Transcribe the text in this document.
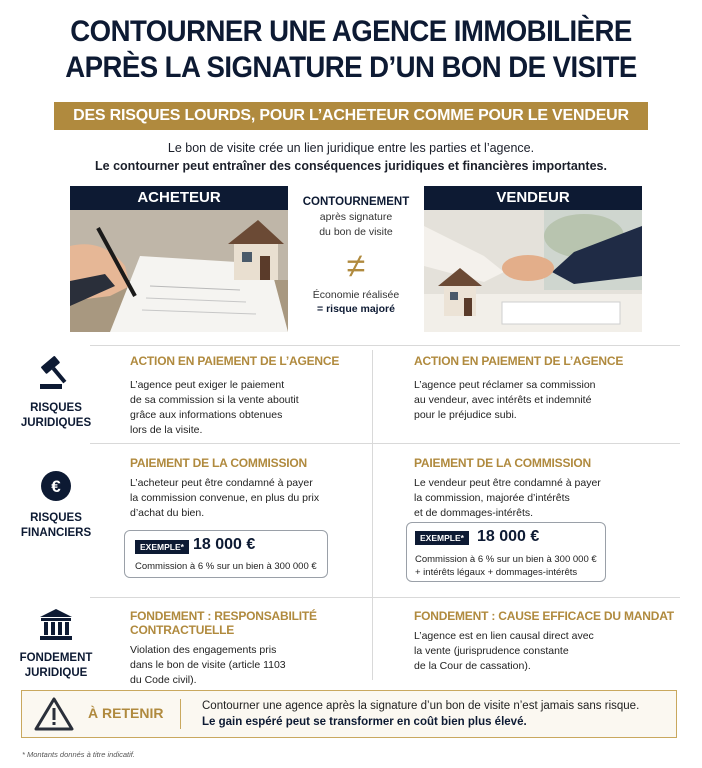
CONTOURNER UNE AGENCE IMMOBILIÈRE
APRÈS LA SIGNATURE D’UN BON DE VISITE
DES RISQUES LOURDS, POUR L’ACHETEUR COMME POUR LE VENDEUR
Le bon de visite crée un lien juridique entre les parties et l’agence.
Le contourner peut entraîner des conséquences juridiques et financières importantes.
ACHETEUR	CONTOURNEMENT
après signature
du bon de visite
≠
Économie réalisée
= risque majoré
VENDEUR
RISQUES
JURIDIQUES
ACTION EN PAIEMENT DE L’AGENCE
L’agence peut exiger le paiement
de sa commission si la vente aboutit
grâce aux informations obtenues
lors de la visite.
ACTION EN PAIEMENT DE L’AGENCE
L’agence peut réclamer sa commission
au vendeur, avec intérêts et indemnité
pour le préjudice subi.
€
RISQUES
FINANCIERS
PAIEMENT DE LA COMMISSION
L’acheteur peut être condamné à payer
la commission convenue, en plus du prix
d’achat du bien.
EXEMPLE* 18 000 €
Commission à 6 % sur un bien à 300 000 €
PAIEMENT DE LA COMMISSION
Le vendeur peut être condamné à payer
la commission, majorée d’intérêts
et de dommages-intérêts.
EXEMPLE* 18 000 €
Commission à 6 % sur un bien à 300 000 €
+ intérêts légaux + dommages-intérêts
FONDEMENT
JURIDIQUE
FONDEMENT : RESPONSABILITÉ CONTRACTUELLE
Violation des engagements pris
dans le bon de visite (article 1103
du Code civil).
FONDEMENT : CAUSE EFFICACE DU MANDAT
L’agence est en lien causal direct avec
la vente (jurisprudence constante
de la Cour de cassation).
À RETENIR	Contourner une agence après la signature d’un bon de visite n’est jamais sans risque.
Le gain espéré peut se transformer en coût bien plus élevé.
* Montants donnés à titre indicatif.
